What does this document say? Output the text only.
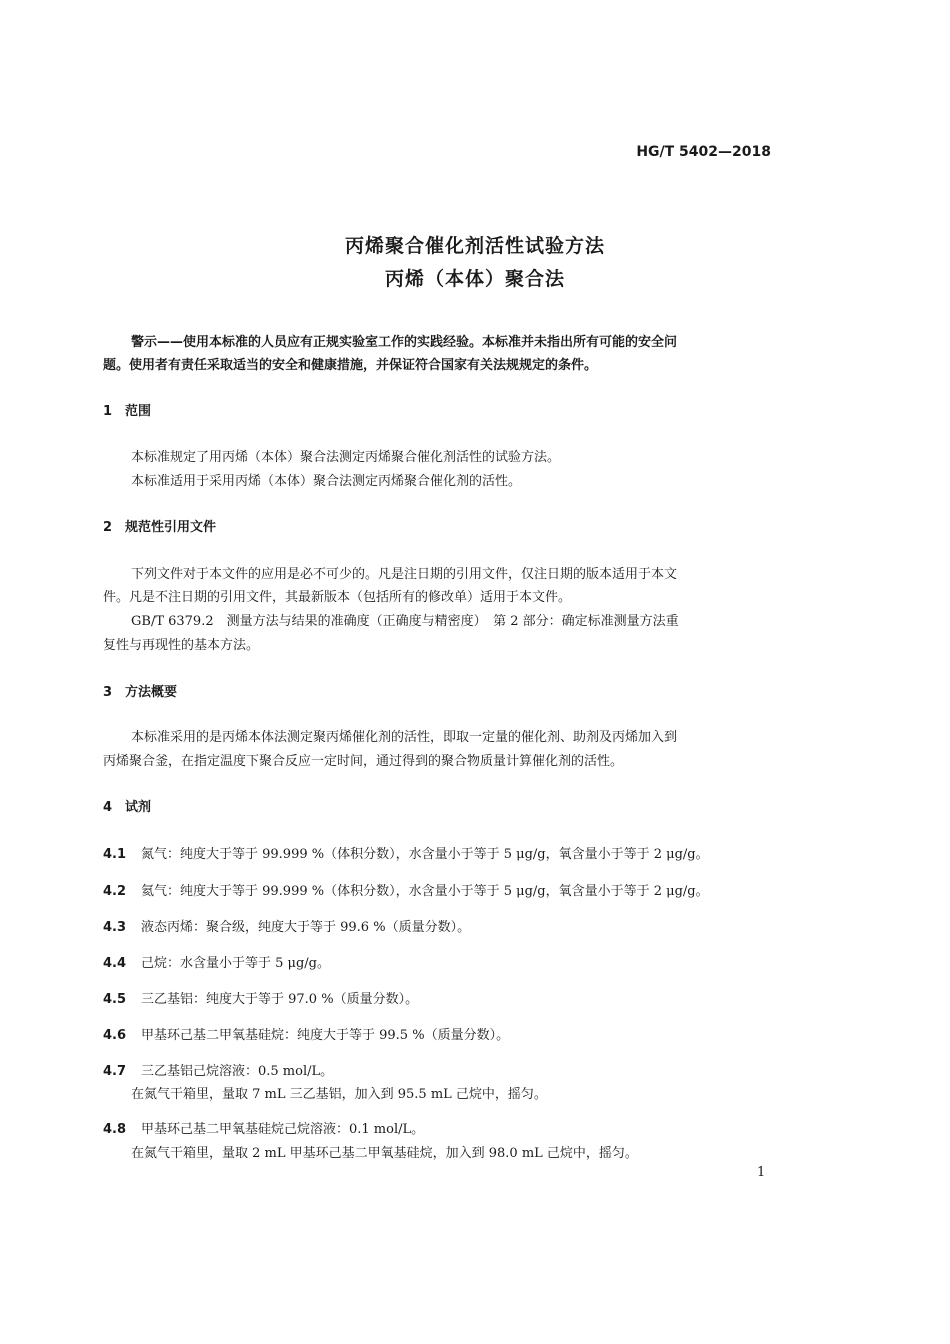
HG/T 5402—2018
丙烯聚合催化剂活性试验方法
丙烯（本体）聚合法
警示——使用本标准的人员应有正规实验室工作的实践经验。本标准并未指出所有可能的安全问
题。使用者有责任采取适当的安全和健康措施，并保证符合国家有关法规规定的条件。
1 范围
本标准规定了用丙烯（本体）聚合法测定丙烯聚合催化剂活性的试验方法。
本标准适用于采用丙烯（本体）聚合法测定丙烯聚合催化剂的活性。
2 规范性引用文件
下列文件对于本文件的应用是必不可少的。凡是注日期的引用文件，仅注日期的版本适用于本文
件。凡是不注日期的引用文件，其最新版本（包括所有的修改单）适用于本文件。
GB/T 6379.2　测量方法与结果的准确度（正确度与精密度）　第 2 部分：确定标准测量方法重
复性与再现性的基本方法。
3 方法概要
本标准采用的是丙烯本体法测定聚丙烯催化剂的活性，即取一定量的催化剂、助剂及丙烯加入到
丙烯聚合釜，在指定温度下聚合反应一定时间，通过得到的聚合物质量计算催化剂的活性。
4 试剂
4.1 氮气：纯度大于等于 99.999 %（体积分数），水含量小于等于 5 μg/g，氧含量小于等于 2 μg/g。
4.2 氦气：纯度大于等于 99.999 %（体积分数），水含量小于等于 5 μg/g，氧含量小于等于 2 μg/g。
4.3 液态丙烯：聚合级，纯度大于等于 99.6 %（质量分数）。
4.4 己烷：水含量小于等于 5 μg/g。
4.5 三乙基铝：纯度大于等于 97.0 %（质量分数）。
4.6 甲基环己基二甲氧基硅烷：纯度大于等于 99.5 %（质量分数）。
4.7 三乙基铝己烷溶液：0.5 mol/L。
在氮气干箱里，量取 7 mL 三乙基铝，加入到 95.5 mL 己烷中，摇匀。
4.8 甲基环己基二甲氧基硅烷己烷溶液：0.1 mol/L。
在氮气干箱里，量取 2 mL 甲基环己基二甲氧基硅烷，加入到 98.0 mL 己烷中，摇匀。
1
